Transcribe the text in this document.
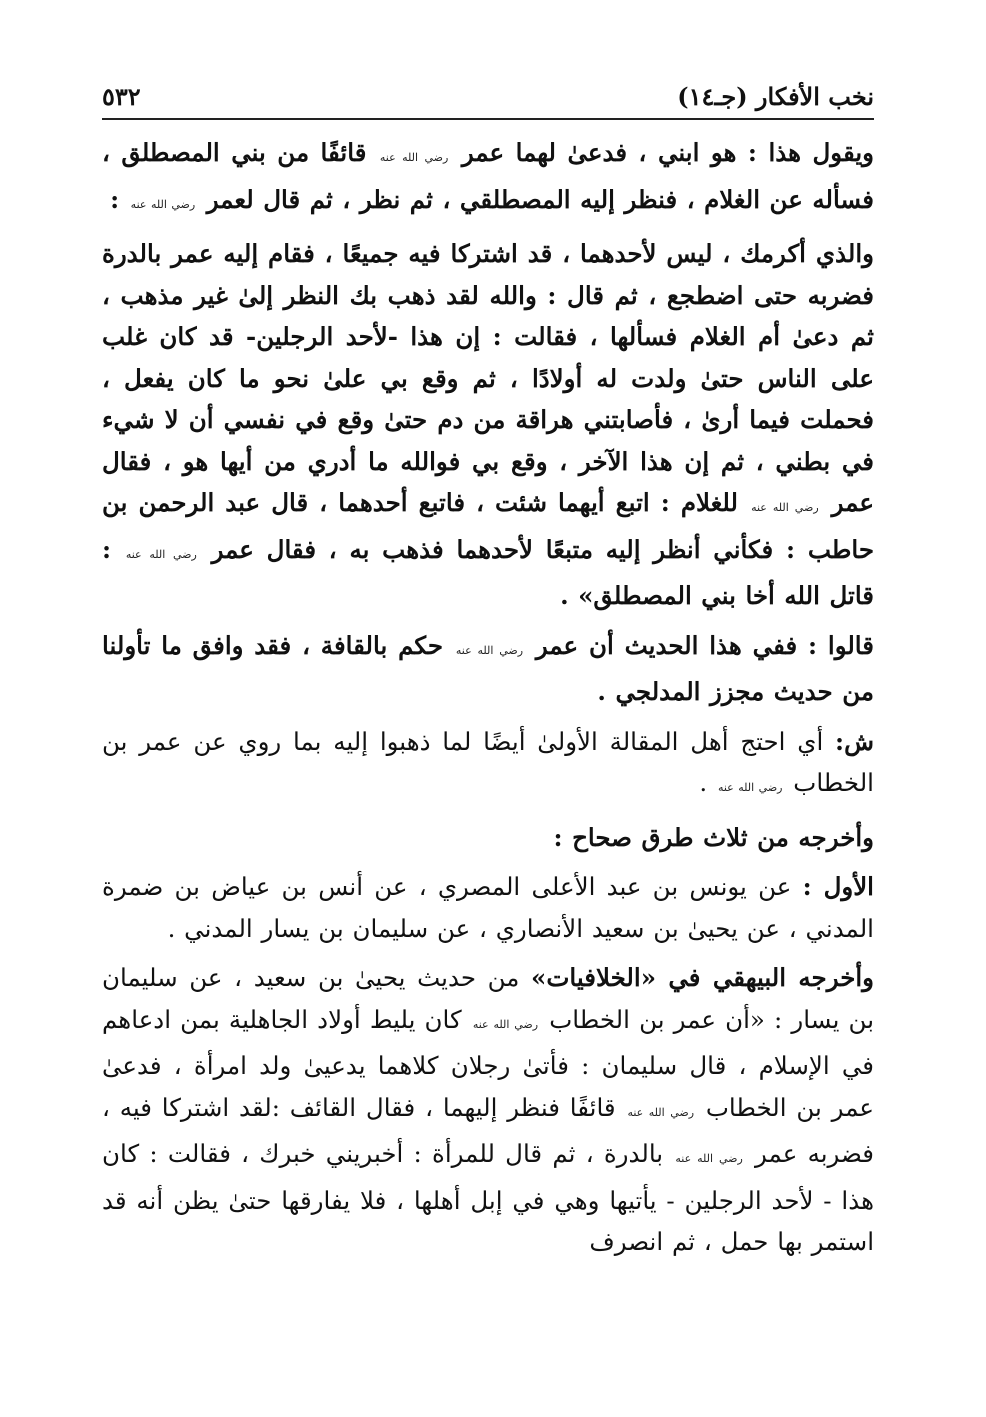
نخب الأفكار (جـ١٤)
٥٣٢

ويقول هذا : هو ابني ، فدعىٰ لهما عمر رضي الله عنه قائفًا من بني المصطلق ، فسأله عن الغلام ، فنظر إليه المصطلقي ، ثم نظر ، ثم قال لعمر رضي الله عنه :

والذي أكرمك ، ليس لأحدهما ، قد اشتركا فيه جميعًا ، فقام إليه عمر بالدرة فضربه حتى اضطجع ، ثم قال : والله لقد ذهب بك النظر إلىٰ غير مذهب ، ثم دعىٰ أم الغلام فسألها ، فقالت : إن هذا -لأحد الرجلين- قد كان غلب على الناس حتىٰ ولدت له أولادًا ، ثم وقع بي علىٰ نحو ما كان يفعل ، فحملت فيما أرىٰ ، فأصابتني هراقة من دم حتىٰ وقع في نفسي أن لا شيء في بطني ، ثم إن هذا الآخر ، وقع بي فوالله ما أدري من أيها هو ، فقال عمر رضي الله عنه للغلام : اتبع أيهما شئت ، فاتبع أحدهما ، قال عبد الرحمن بن حاطب : فكأني أنظر إليه متبعًا لأحدهما فذهب به ، فقال عمر رضي الله عنه : قاتل الله أخا بني المصطلق» .

قالوا : ففي هذا الحديث أن عمر رضي الله عنه حكم بالقافة ، فقد وافق ما تأولنا من حديث مجزز المدلجي .

ش: أي احتج أهل المقالة الأولىٰ أيضًا لما ذهبوا إليه بما روي عن عمر بن الخطاب رضي الله عنه .

وأخرجه من ثلاث طرق صحاح :

الأول : عن يونس بن عبد الأعلى المصري ، عن أنس بن عياض بن ضمرة المدني ، عن يحيىٰ بن سعيد الأنصاري ، عن سليمان بن يسار المدني .

وأخرجه البيهقي في «الخلافيات» من حديث يحيىٰ بن سعيد ، عن سليمان بن يسار : «أن عمر بن الخطاب رضي الله عنه كان يليط أولاد الجاهلية بمن ادعاهم في الإسلام ، قال سليمان : فأتىٰ رجلان كلاهما يدعيىٰ ولد امرأة ، فدعىٰ عمر بن الخطاب رضي الله عنه قائفًا فنظر إليهما ، فقال القائف :لقد اشتركا فيه ، فضربه عمر رضي الله عنه بالدرة ، ثم قال للمرأة : أخبريني خبرك ، فقالت : كان هذا - لأحد الرجلين - يأتيها وهي في إبل أهلها ، فلا يفارقها حتىٰ يظن أنه قد استمر بها حمل ، ثم انصرف
